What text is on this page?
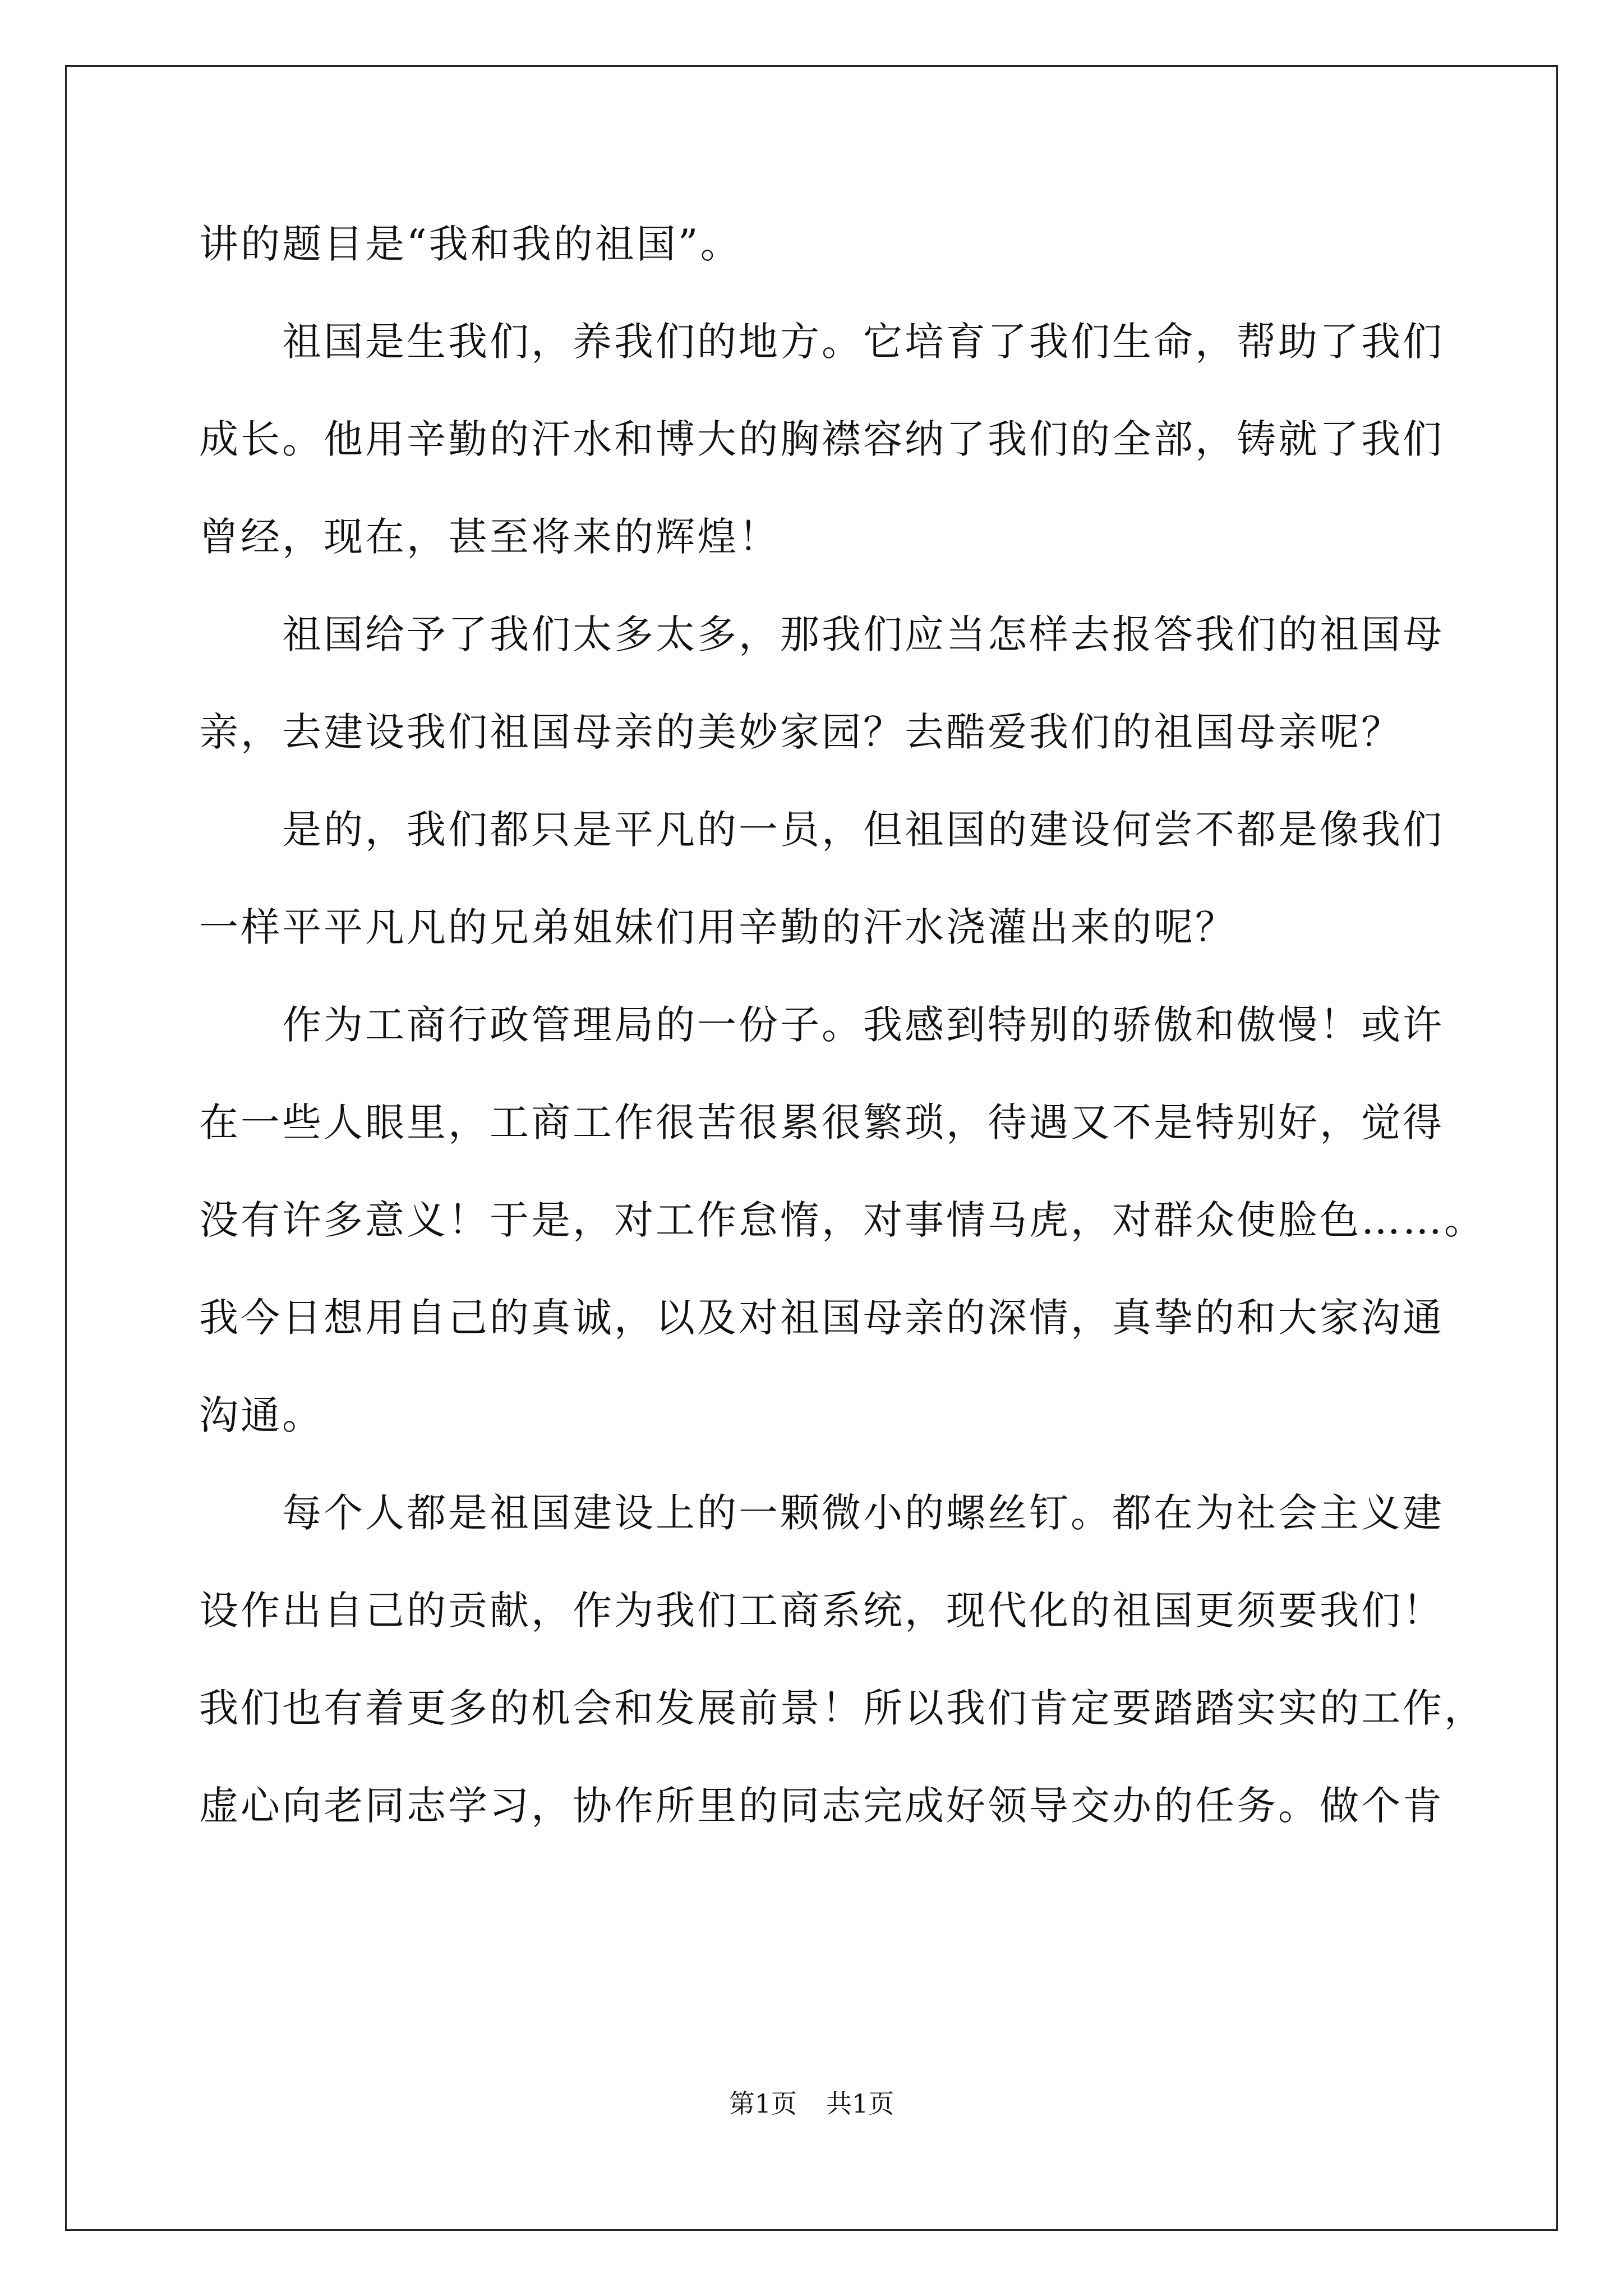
讲的题目是“我和我的祖国”。
祖国是生我们，养我们的地方。它培育了我们生命，帮助了我们
成长。他用辛勤的汗水和博大的胸襟容纳了我们的全部，铸就了我们
曾经，现在，甚至将来的辉煌！
祖国给予了我们太多太多，那我们应当怎样去报答我们的祖国母
亲，去建设我们祖国母亲的美妙家园？去酷爱我们的祖国母亲呢？
是的，我们都只是平凡的一员，但祖国的建设何尝不都是像我们
一样平平凡凡的兄弟姐妹们用辛勤的汗水浇灌出来的呢？
作为工商行政管理局的一份子。我感到特别的骄傲和傲慢！或许
在一些人眼里，工商工作很苦很累很繁琐，待遇又不是特别好，觉得
没有许多意义！于是，对工作怠惰，对事情马虎，对群众使脸色……。
我今日想用自己的真诚，以及对祖国母亲的深情，真挚的和大家沟通
沟通。
每个人都是祖国建设上的一颗微小的螺丝钉。都在为社会主义建
设作出自己的贡献，作为我们工商系统，现代化的祖国更须要我们！
我们也有着更多的机会和发展前景！所以我们肯定要踏踏实实的工作，
虚心向老同志学习，协作所里的同志完成好领导交办的任务。做个肯
第1页 共1页
